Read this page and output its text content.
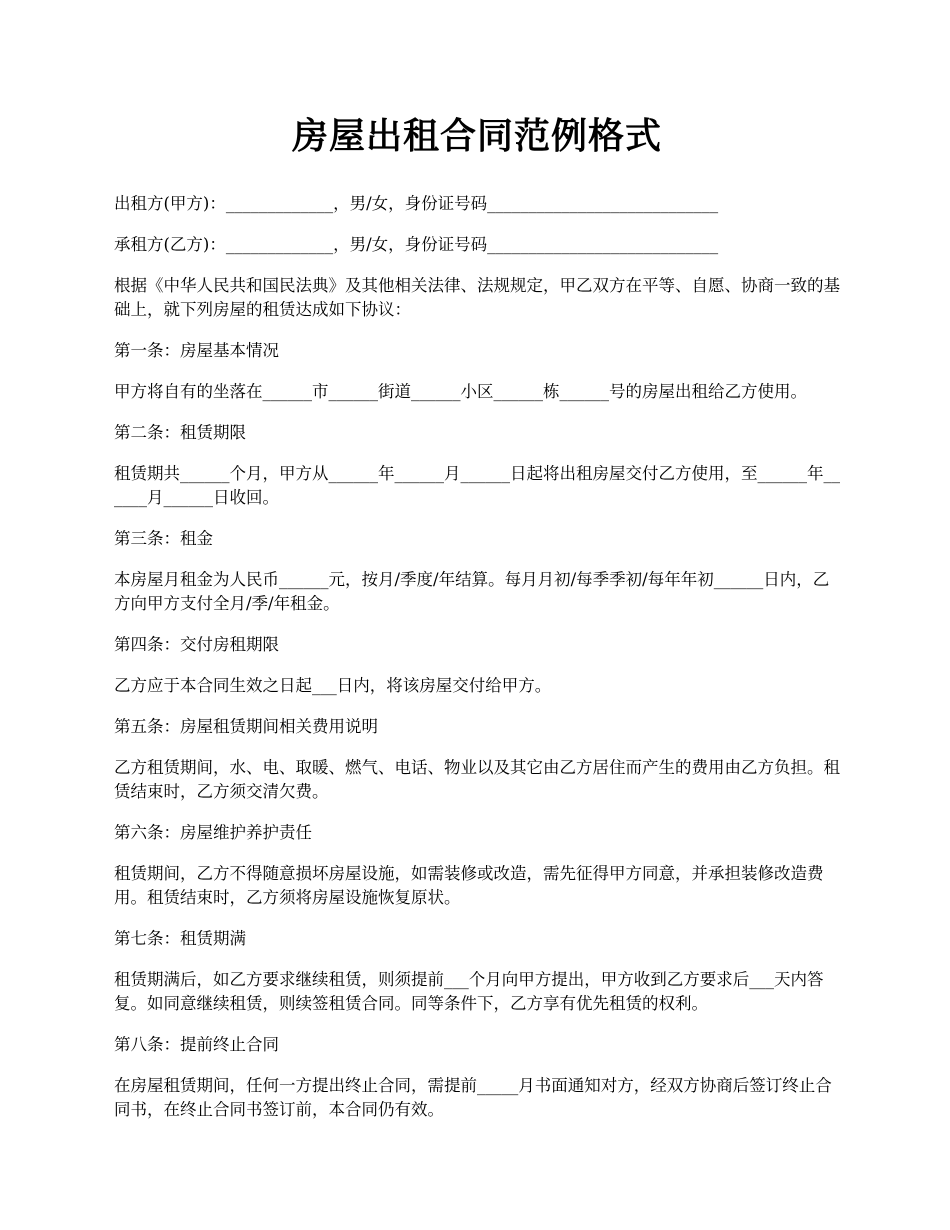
房屋出租合同范例格式

出租方(甲方)：_____________，男/女，身份证号码____________________________

承租方(乙方)：_____________，男/女，身份证号码____________________________

根据《中华人民共和国民法典》及其他相关法律、法规规定，甲乙双方在平等、自愿、协商一致的基础上，就下列房屋的租赁达成如下协议：

第一条：房屋基本情况

甲方将自有的坐落在______市______街道______小区______栋______号的房屋出租给乙方使用。

第二条：租赁期限

租赁期共______个月，甲方从______年______月______日起将出租房屋交付乙方使用，至______年______月______日收回。

第三条：租金

本房屋月租金为人民币______元，按月/季度/年结算。每月月初/每季季初/每年年初______日内，乙方向甲方支付全月/季/年租金。

第四条：交付房租期限

乙方应于本合同生效之日起___日内，将该房屋交付给甲方。

第五条：房屋租赁期间相关费用说明

乙方租赁期间，水、电、取暖、燃气、电话、物业以及其它由乙方居住而产生的费用由乙方负担。租赁结束时，乙方须交清欠费。

第六条：房屋维护养护责任

租赁期间，乙方不得随意损坏房屋设施，如需装修或改造，需先征得甲方同意，并承担装修改造费用。租赁结束时，乙方须将房屋设施恢复原状。

第七条：租赁期满

租赁期满后，如乙方要求继续租赁，则须提前___个月向甲方提出，甲方收到乙方要求后___天内答复。如同意继续租赁，则续签租赁合同。同等条件下，乙方享有优先租赁的权利。

第八条：提前终止合同

在房屋租赁期间，任何一方提出终止合同，需提前_____月书面通知对方，经双方协商后签订终止合同书，在终止合同书签订前，本合同仍有效。
